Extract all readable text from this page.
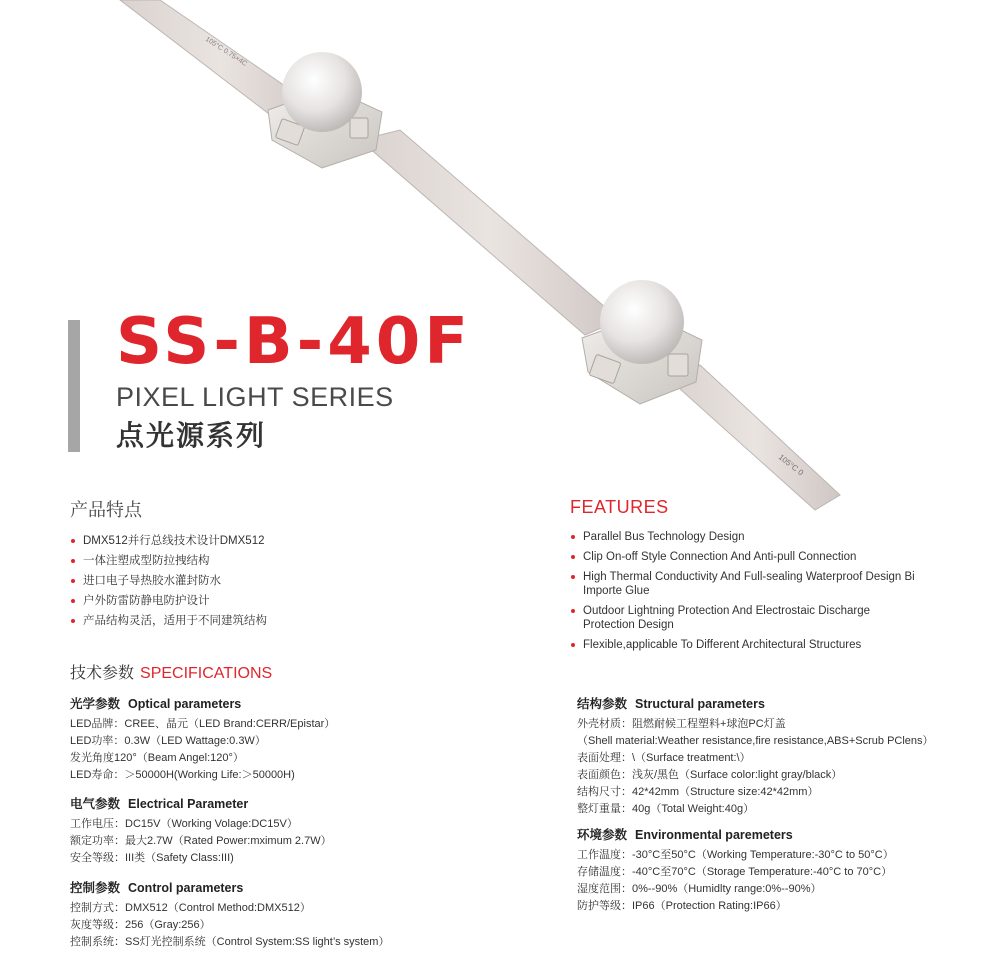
105°C 0.75×4C
105°C 0
SS-B-40F

PIXEL LIGHT SERIES

点光源系列

产品特点

DMX512并行总线技术设计DMX512
一体注塑成型防拉拽结构
进口电子导热胶水灌封防水
户外防雷防静电防护设计
产品结构灵活，适用于不同建筑结构

FEATURES

Parallel Bus Technology Design
Clip On-off Style Connection And Anti-pull Connection
High Thermal Conductivity And Full-sealing Waterproof Design Bi Importe Glue
Outdoor Lightning Protection And Electrostaic Discharge Protection Design
Flexible,applicable To Different Architectural Structures

技术参数 SPECIFICATIONS

光学参数 Optical parameters

LED品牌：CREE、晶元（LED Brand:CERR/Epistar）
LED功率：0.3W（LED Wattage:0.3W）
发光角度120°（Beam Angel:120°）
LED寿命：＞50000H(Working Life:＞50000H)

电气参数 Electrical Parameter

工作电压：DC15V（Working Volage:DC15V）
额定功率：最大2.7W（Rated Power:mximum 2.7W）
安全等级：III类（Safety Class:III)

控制参数 Control parameters

控制方式：DMX512（Control Method:DMX512）
灰度等级：256（Gray:256）
控制系统：SS灯光控制系统（Control System:SS light’s system）

结构参数 Structural parameters

外壳材质：阻燃耐候工程塑料+球泡PC灯盖
（Shell material:Weather resistance,fire resistance,ABS+Scrub PClens）
表面处理：\（Surface treatment:\）
表面颜色：浅灰/黑色（Surface color:light gray/black）
结构尺寸：42*42mm（Structure size:42*42mm）
整灯重量：40g（Total Weight:40g）

环境参数 Environmental paremeters

工作温度：-30°C至50°C（Working Temperature:-30°C to 50°C）
存储温度：-40°C至70°C（Storage Temperature:-40°C to 70°C）
湿度范围：0%--90%（Humidlty range:0%--90%）
防护等级：IP66（Protection Rating:IP66）
